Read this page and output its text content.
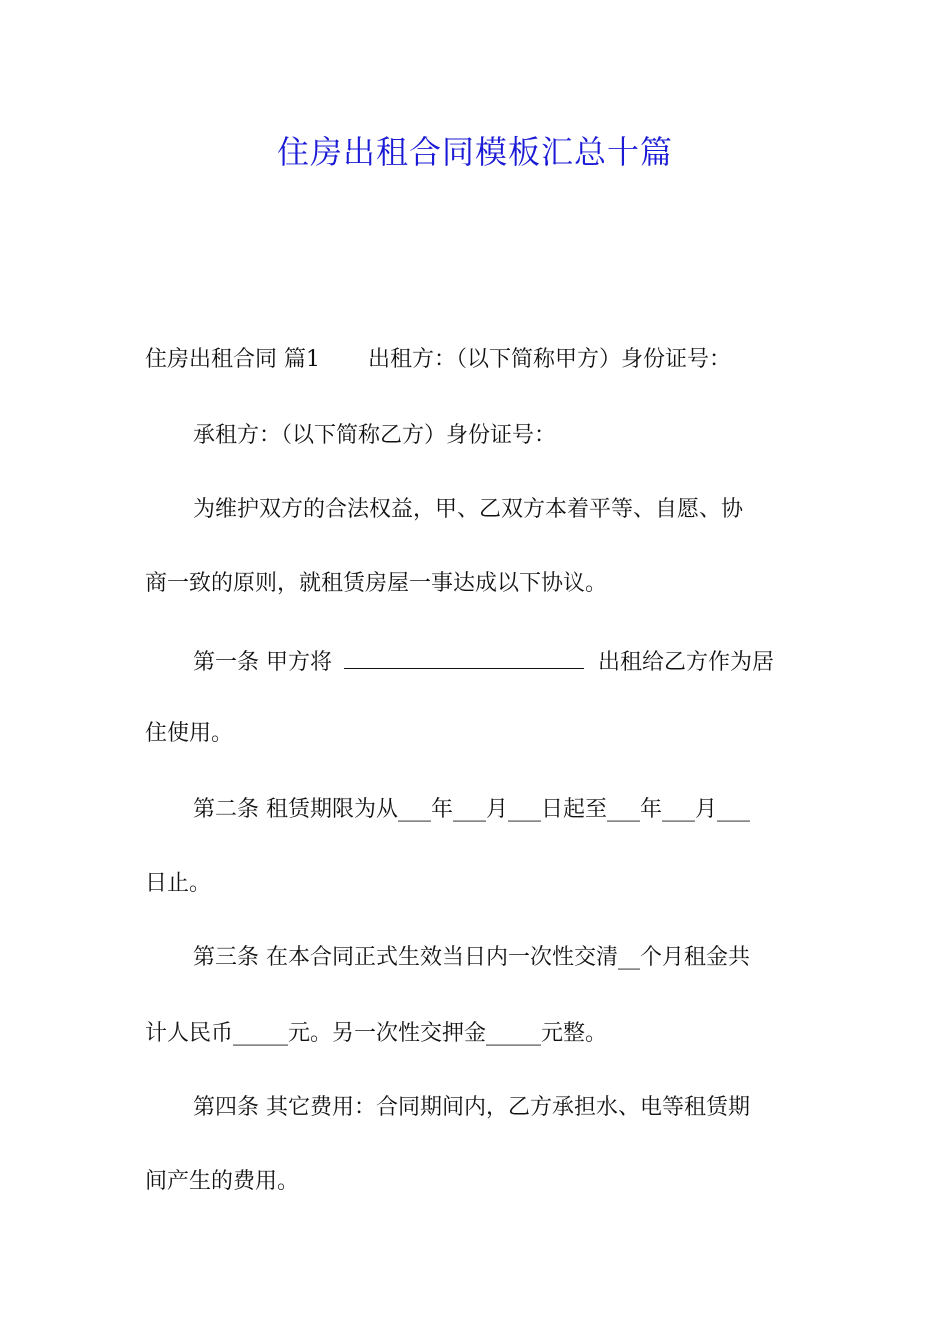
住房出租合同模板汇总十篇
住房出租合同 篇1 出租方：（以下简称甲方）身份证号：
承租方：（以下简称乙方）身份证号：
为维护双方的合法权益，甲、乙双方本着平等、自愿、协
商一致的原则，就租赁房屋一事达成以下协议。
第一条 甲方将	出租给乙方作为居
住使用。
第二条 租赁期限为从___年___月___日起至___年___月___
日止。
第三条 在本合同正式生效当日内一次性交清__个月租金共
计人民币_____元。另一次性交押金_____元整。
第四条 其它费用：合同期间内，乙方承担水、电等租赁期
间产生的费用。
